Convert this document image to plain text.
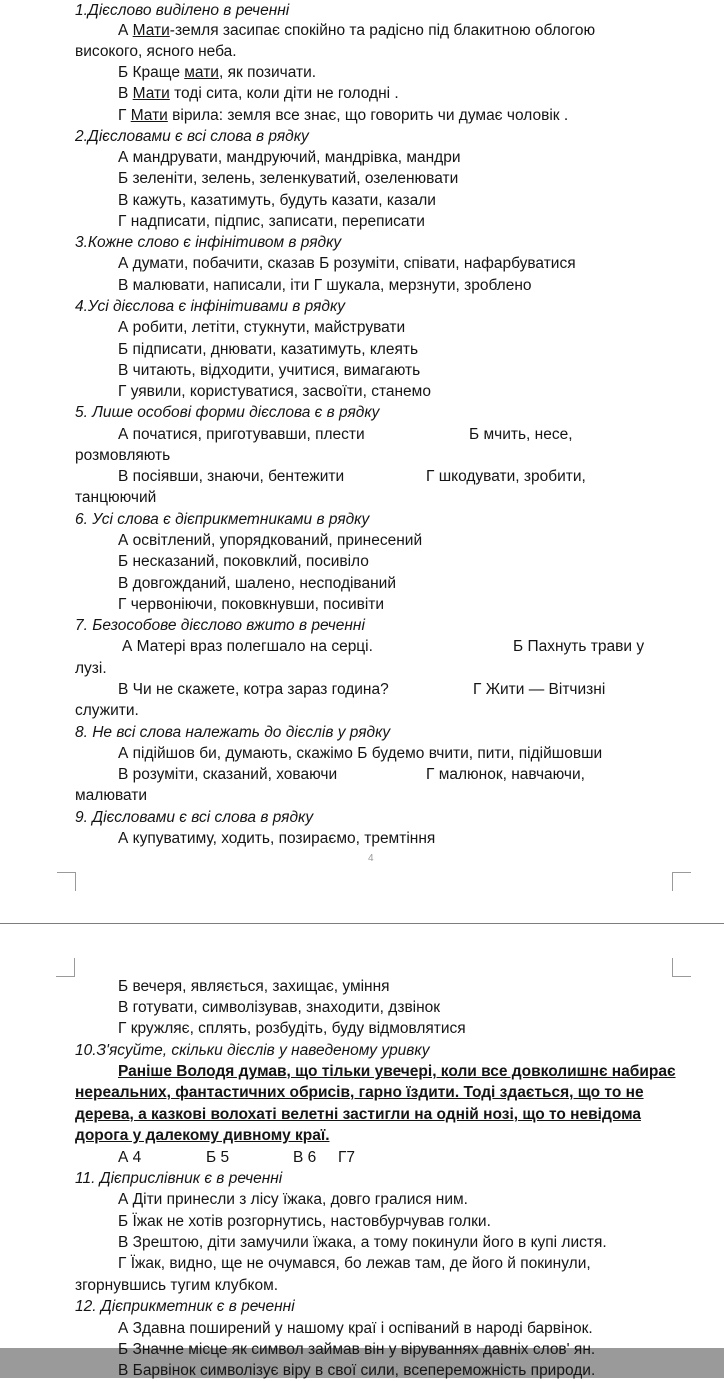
1.Дієслово виділено в реченні
А Мати-земля засипає спокійно та радісно під блакитною облогою
високого, ясного неба.
Б Краще мати, як позичати.
В Мати тоді сита, коли діти не голодні .
Г Мати вірила: земля все знає, що говорить чи думає чоловік .
2.Дієсловами є всі слова в рядку
А мандрувати, мандруючий, мандрівка, мандри
Б зеленіти, зелень, зеленкуватий, озеленювати
В кажуть, казатимуть, будуть казати, казали
Г надписати, підпис, записати, переписати
3.Кожне слово є інфінітивом в рядку
А думати, побачити, сказав Б розуміти, співати, нафарбуватися
В малювати, написали, іти Г шукала, мерзнути, зроблено
4.Усі дієслова є інфінітивами в рядку
А робити, летіти, стукнути, майструвати
Б підписати, днювати, казатимуть, клеять
В читають, відходити, учитися, вимагають
Г уявили, користуватися, засвоїти, станемо
5. Лише особові форми дієслова є в рядку
А початися, приготувавши, плести	Б мчить, несе,
розмовляють
В посіявши, знаючи, бентежити	Г шкодувати, зробити,
танцюючий
6. Усі слова є дієприкметниками в рядку
А освітлений, упорядкований, принесений
Б несказаний, поковклий, посивіло
В довгожданий, шалено, несподіваний
Г червоніючи, поковкнувши, посивіти
7. Безособове дієслово вжито в реченні
А Матері враз полегшало на серці.	Б Пахнуть трави у
лузі.
В Чи не скажете, котра зараз година?	Г Жити — Вітчизні
служити.
8. Не всі слова належать до дієслів у рядку
А підійшов би, думають, скажімо Б будемо вчити, пити, підійшовши
В розуміти, сказаний, ховаючи	Г малюнок, навчаючи,
малювати
9. Дієсловами є всі слова в рядку
А купуватиму, ходить, позираємо, тремтіння
Б вечеря, являється, захищає, уміння
В готувати, символізував, знаходити, дзвінок
Г кружляє, сплять, розбудіть, буду відмовлятися
10.З'ясуйте, скільки дієслів у наведеному уривку
Раніше Володя думав, що тільки увечері, коли все довколишнє набирає
нереальних, фантастичних обрисів, гарно їздити. Тоді здається, що то не
дерева, а казкові волохаті велетні застигли на одній нозі, що то невідома
дорога у далекому дивному краї.
А 4	Б 5	В 6 Г7
11. Дієприслівник є в реченні
А Діти принесли з лісу їжака, довго гралися ним.
Б Їжак не хотів розгорнутись, настовбурчував голки.
В Зрештою, діти замучили їжака, а тому покинули його в купі листя.
Г Їжак, видно, ще не очумався, бо лежав там, де його й покинули,
згорнувшись тугим клубком.
12. Дієприкметник є в реченні
А Здавна поширений у нашому краї і оспіваний в народі барвінок.
Б Значне місце як символ займав він у віруваннях давніх слов' ян.
В Барвінок символізує віру в свої сили, всепереможність природи.
4
